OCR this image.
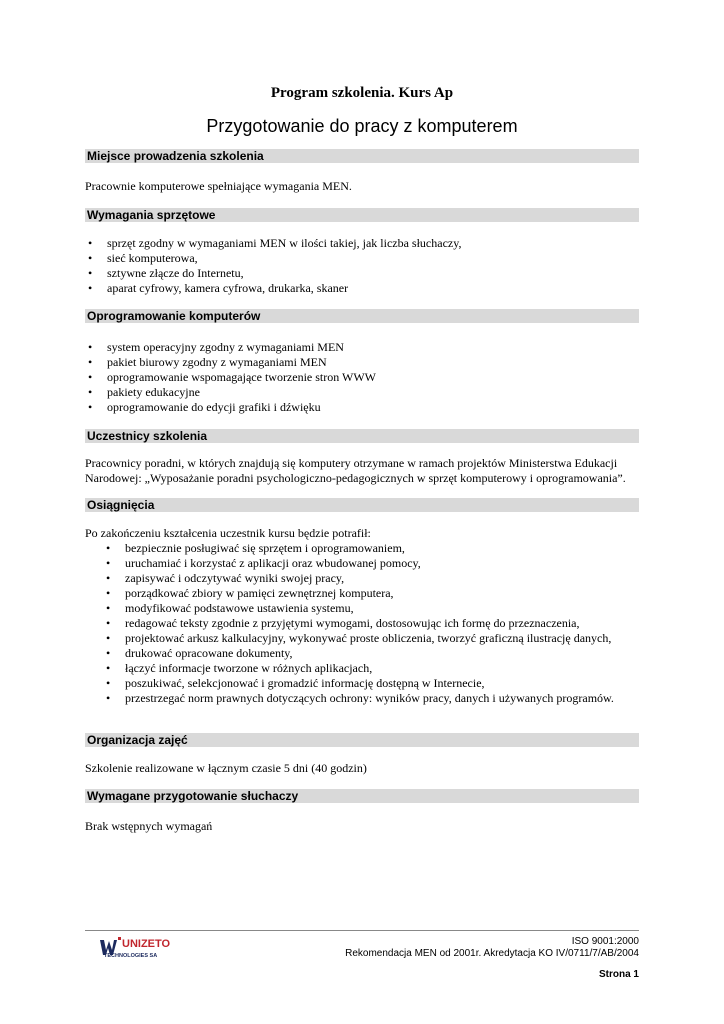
Program szkolenia. Kurs Ap
Przygotowanie do pracy z komputerem
Miejsce prowadzenia szkolenia
Pracownie komputerowe spełniające wymagania MEN.
Wymagania sprzętowe
• sprzęt zgodny w wymaganiami MEN w ilości takiej, jak liczba słuchaczy,
• sieć komputerowa,
• sztywne złącze do Internetu,
• aparat cyfrowy, kamera cyfrowa, drukarka, skaner
Oprogramowanie komputerów
• system operacyjny zgodny z wymaganiami MEN
• pakiet biurowy zgodny z wymaganiami MEN
• oprogramowanie wspomagające tworzenie stron WWW
• pakiety edukacyjne
• oprogramowanie do edycji grafiki i dźwięku
Uczestnicy szkolenia
Pracownicy poradni, w których znajdują się komputery otrzymane w ramach projektów Ministerstwa Edukacji Narodowej: „Wyposażanie poradni psychologiczno-pedagogicznych w sprzęt komputerowy i oprogramowania”.
Osiągnięcia
Po zakończeniu kształcenia uczestnik kursu będzie potrafił:
• bezpiecznie posługiwać się sprzętem i oprogramowaniem,
• uruchamiać i korzystać z aplikacji oraz wbudowanej pomocy,
• zapisywać i odczytywać wyniki swojej pracy,
• porządkować zbiory w pamięci zewnętrznej komputera,
• modyfikować podstawowe ustawienia systemu,
• redagować teksty zgodnie z przyjętymi wymogami, dostosowując ich formę do przeznaczenia,
• projektować arkusz kalkulacyjny, wykonywać proste obliczenia, tworzyć graficzną ilustrację danych,
• drukować opracowane dokumenty,
• łączyć informacje tworzone w różnych aplikacjach,
• poszukiwać, selekcjonować i gromadzić informację dostępną w Internecie,
• przestrzegać norm prawnych dotyczących ochrony: wyników pracy, danych i używanych programów.
Organizacja zajęć
Szkolenie realizowane w łącznym czasie 5 dni (40 godzin)
Wymagane przygotowanie słuchaczy
Brak wstępnych wymagań
UNIZETO
TECHNOLOGIES SA
ISO 9001:2000
Rekomendacja MEN od 2001r. Akredytacja KO IV/0711/7/AB/2004
Strona 1
